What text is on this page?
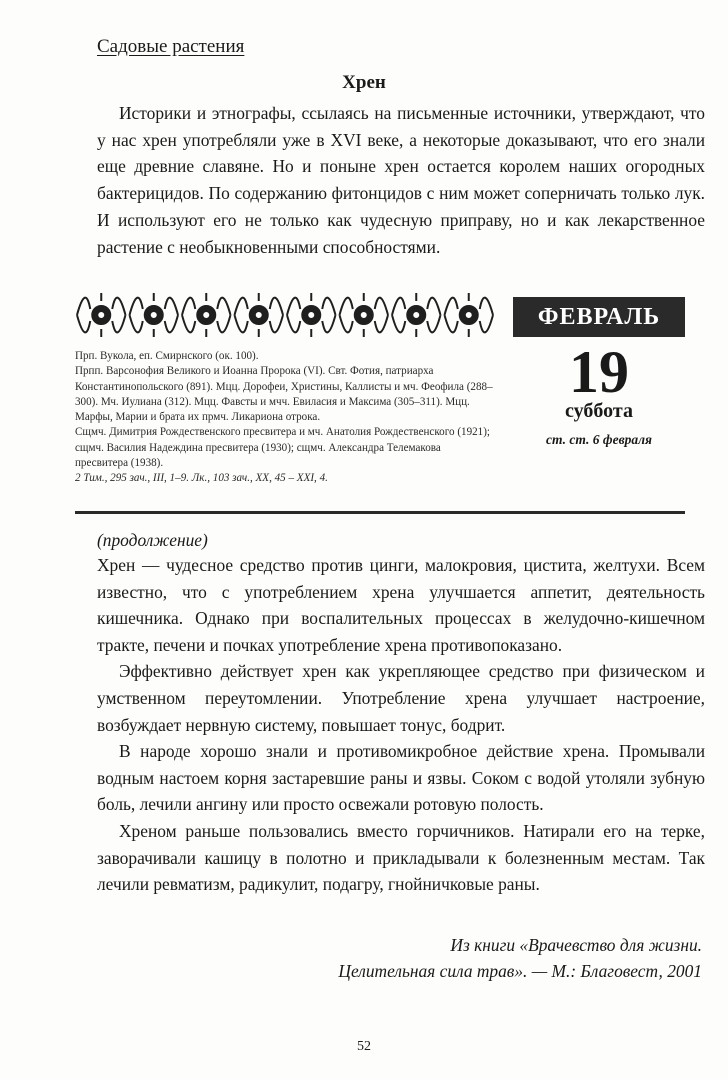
Садовые растения
Хрен

Историки и этнографы, ссылаясь на письменные источники, утверждают, что у нас хрен употребляли уже в XVI веке, а некоторые доказывают, что его знали еще древние славяне. Но и поныне хрен остается королем наших огородных бактерицидов. По содержанию фитонцидов с ним может соперничать только лук. И используют его не только как чудесную приправу, но и как лекарственное растение с необыкновенными способностями.

ФЕВРАЛЬ
19
суббота
ст. ст. 6 февраля

Прп. Вукола, еп. Смирнского (ок. 100).

Прпп. Варсонофия Великого и Иоанна Пророка (VI). Свт. Фотия, патриарха Константинопольского (891). Мцц. Дорофеи, Христины, Каллисты и мч. Феофила (288–300). Мч. Иулиана (312). Мцц. Фавсты и мчч. Евиласия и Максима (305–311). Мцц. Марфы, Марии и брата их прмч. Ликариона отрока.

Сщмч. Димитрия Рождественского пресвитера и мч. Анатолия Рождественского (1921); сщмч. Василия Надеждина пресвитера (1930); сщмч. Александра Телемакова пресвитера (1938).

2 Тим., 295 зач., III, 1–9. Лк., 103 зач., XX, 45 – XXI, 4.

(продолжение)

Хрен — чудесное средство против цинги, малокровия, цистита, желтухи. Всем известно, что с употреблением хрена улучшается аппетит, деятельность кишечника. Однако при воспалительных процессах в желудочно-кишечном тракте, печени и почках употребление хрена противопоказано.

Эффективно действует хрен как укрепляющее средство при физическом и умственном переутомлении. Употребление хрена улучшает настроение, возбуждает нервную систему, повышает тонус, бодрит.

В народе хорошо знали и противомикробное действие хрена. Промывали водным настоем корня застаревшие раны и язвы. Соком с водой утоляли зубную боль, лечили ангину или просто освежали ротовую полость.

Хреном раньше пользовались вместо горчичников. Натирали его на терке, заворачивали кашицу в полотно и прикладывали к болезненным местам. Так лечили ревматизм, радикулит, подагру, гнойничковые раны.

Из книги «Врачевство для жизни.
Целительная сила трав». — М.: Благовест, 2001
52
